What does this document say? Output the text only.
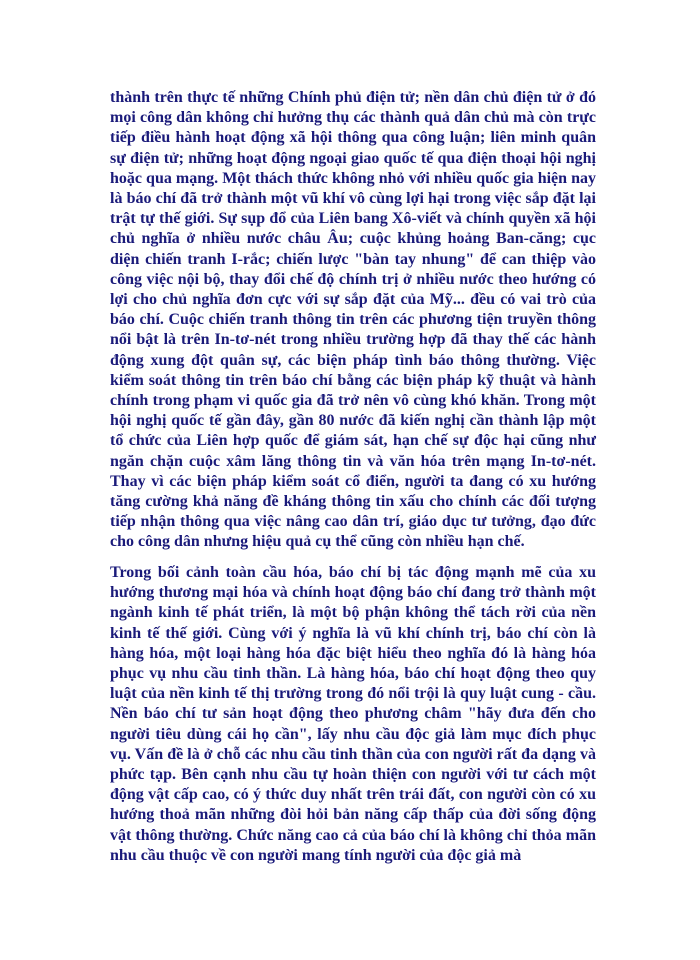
thành trên thực tế những Chính phủ điện tử; nền dân chủ điện tử ở đó mọi công dân không chỉ hưởng thụ các thành quả dân chủ mà còn trực tiếp điều hành hoạt động xã hội thông qua công luận; liên minh quân sự điện tử; những hoạt động ngoại giao quốc tế qua điện thoại hội nghị hoặc qua mạng. Một thách thức không nhỏ với nhiều quốc gia hiện nay là báo chí đã trở thành một vũ khí vô cùng lợi hại trong việc sắp đặt lại trật tự thế giới. Sự sụp đổ của Liên bang Xô-viết và chính quyền xã hội chủ nghĩa ở nhiều nước châu Âu; cuộc khủng hoảng Ban-căng; cục diện chiến tranh I-rắc; chiến lược "bàn tay nhung" để can thiệp vào công việc nội bộ, thay đổi chế độ chính trị ở nhiều nước theo hướng có lợi cho chủ nghĩa đơn cực với sự sắp đặt của Mỹ... đều có vai trò của báo chí. Cuộc chiến tranh thông tin trên các phương tiện truyền thông nổi bật là trên In-tơ-nét trong nhiều trường hợp đã thay thế các hành động xung đột quân sự, các biện pháp tình báo thông thường. Việc kiểm soát thông tin trên báo chí bằng các biện pháp kỹ thuật và hành chính trong phạm vi quốc gia đã trở nên vô cùng khó khăn. Trong một hội nghị quốc tế gần đây, gần 80 nước đã kiến nghị cần thành lập một tổ chức của Liên hợp quốc để giám sát, hạn chế sự độc hại cũng như ngăn chặn cuộc xâm lăng thông tin và văn hóa trên mạng In-tơ-nét. Thay vì các biện pháp kiểm soát cổ điển, người ta đang có xu hướng tăng cường khả năng đề kháng thông tin xấu cho chính các đối tượng tiếp nhận thông qua việc nâng cao dân trí, giáo dục tư tưởng, đạo đức cho công dân nhưng hiệu quả cụ thể cũng còn nhiều hạn chế.

Trong bối cảnh toàn cầu hóa, báo chí bị tác động mạnh mẽ của xu hướng thương mại hóa và chính hoạt động báo chí đang trở thành một ngành kinh tế phát triển, là một bộ phận không thể tách rời của nền kinh tế thế giới. Cùng với ý nghĩa là vũ khí chính trị, báo chí còn là hàng hóa, một loại hàng hóa đặc biệt hiểu theo nghĩa đó là hàng hóa phục vụ nhu cầu tinh thần. Là hàng hóa, báo chí hoạt động theo quy luật của nền kinh tế thị trường trong đó nổi trội là quy luật cung - cầu. Nền báo chí tư sản hoạt động theo phương châm "hãy đưa đến cho người tiêu dùng cái họ cần", lấy nhu cầu độc giả làm mục đích phục vụ. Vấn đề là ở chỗ các nhu cầu tinh thần của con người rất đa dạng và phức tạp. Bên cạnh nhu cầu tự hoàn thiện con người với tư cách một động vật cấp cao, có ý thức duy nhất trên trái đất, con người còn có xu hướng thoả mãn những đòi hỏi bản năng cấp thấp của đời sống động vật thông thường. Chức năng cao cả của báo chí là không chỉ thỏa mãn nhu cầu thuộc về con người mang tính người của độc giả mà
